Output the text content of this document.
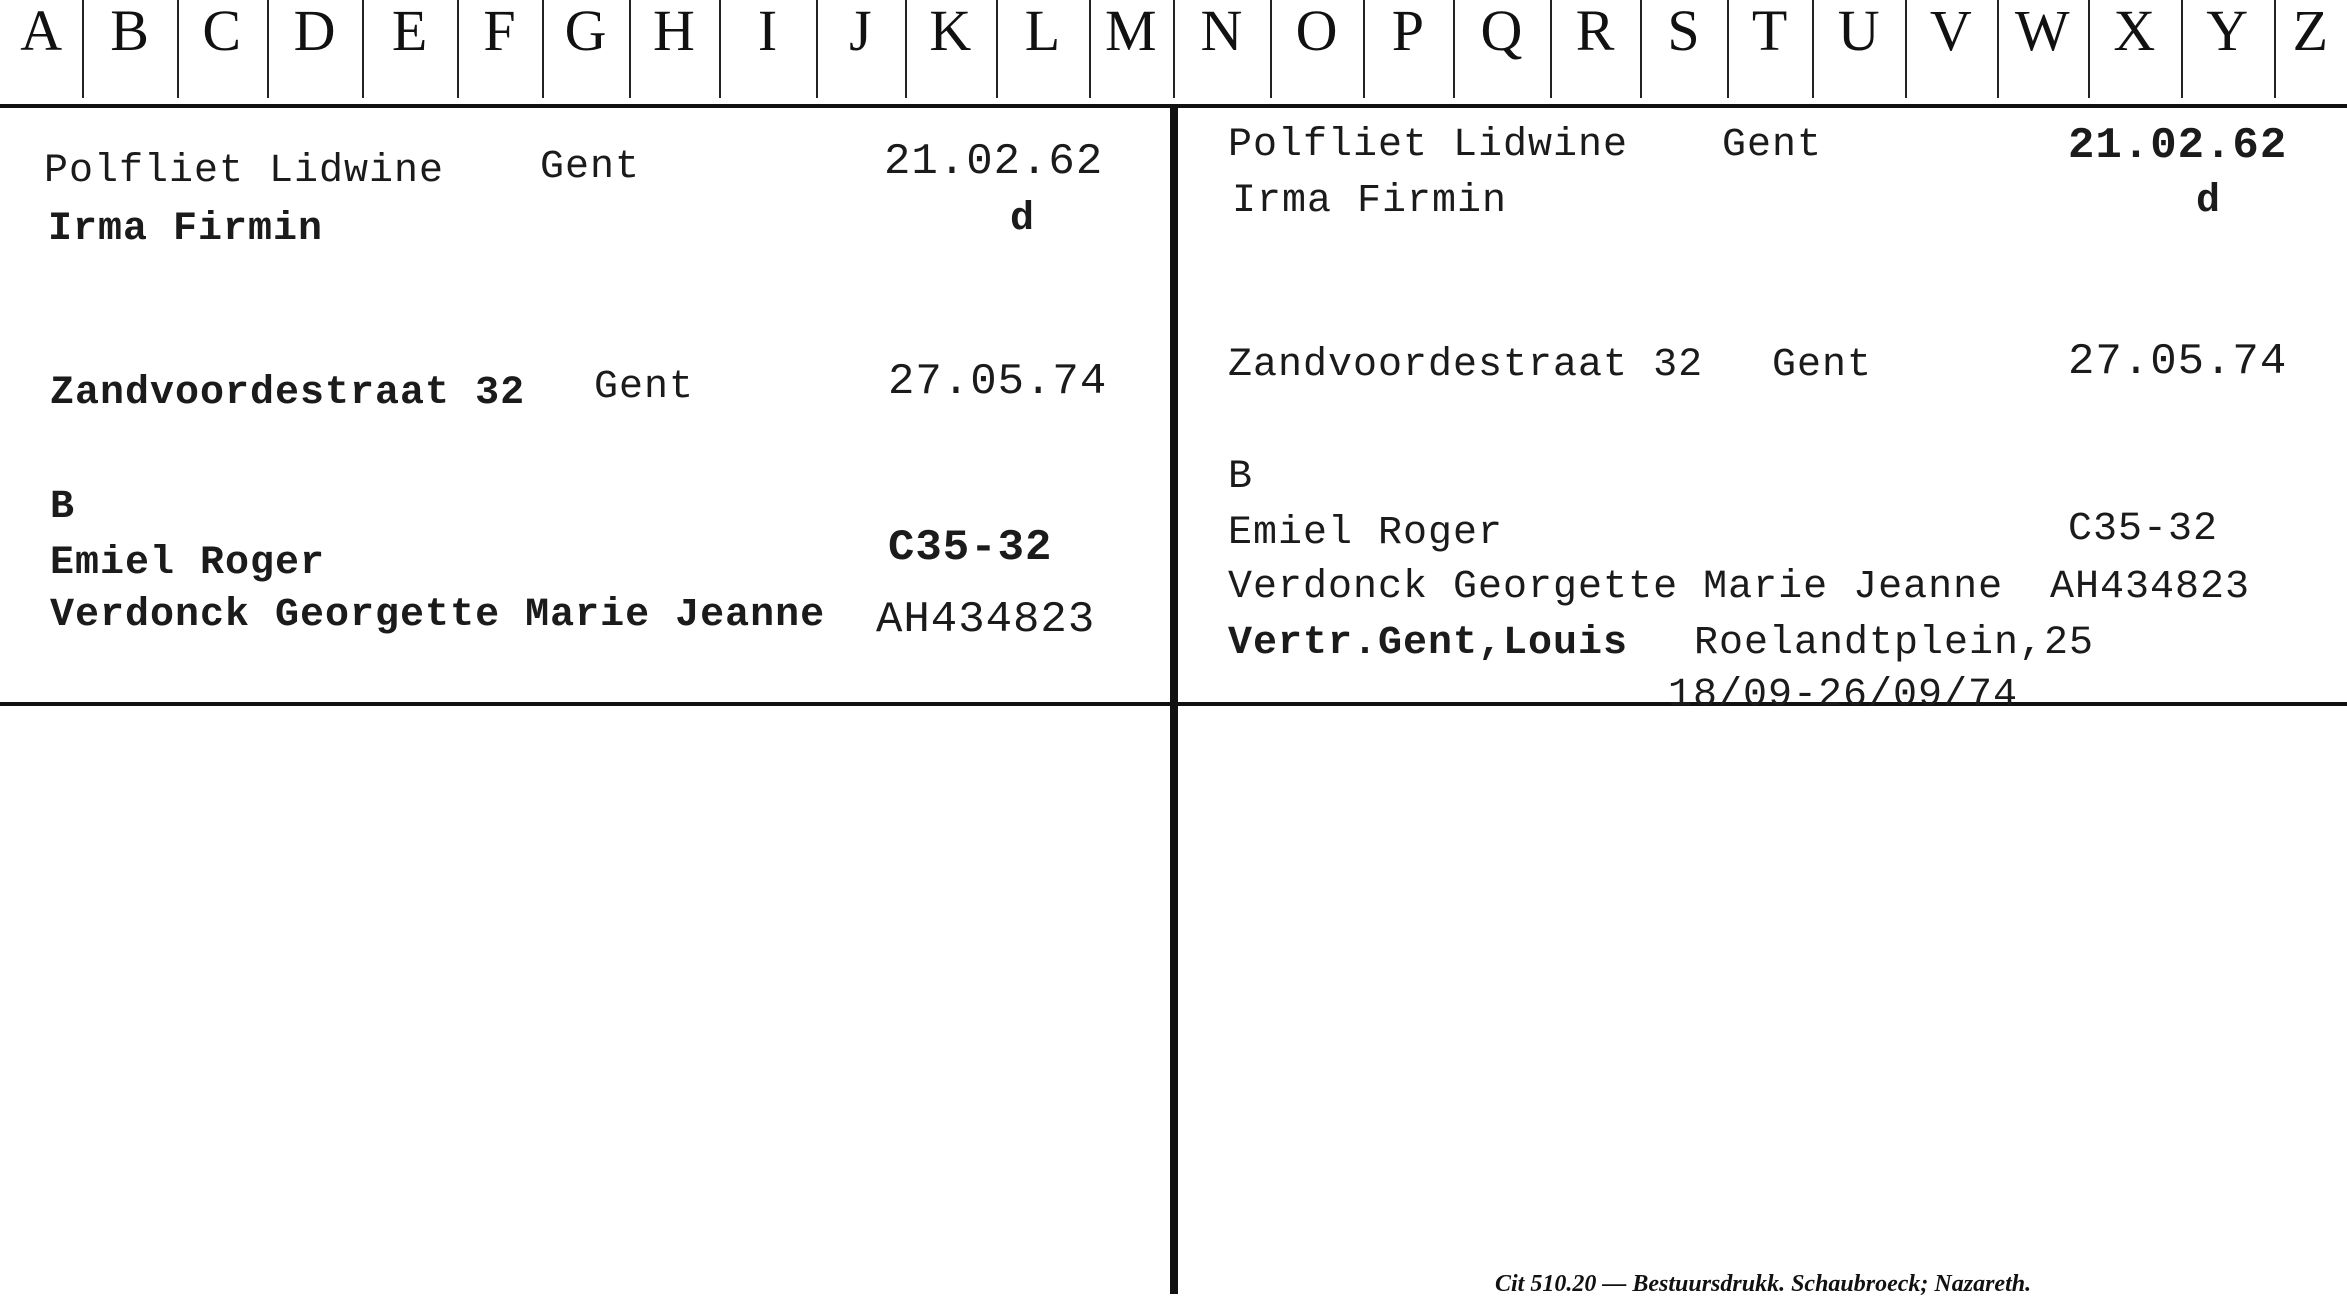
A B C D E F G H	I	J K L M N O P Q R S T U V W X Y Z
Polfliet Lidwine Gent	21.02.62
Irma Firmin	d
Zandvoordestraat 32 Gent	27.05.74
B
Emiel Roger	C35-32
Verdonck Georgette Marie Jeanne AH434823
Polfliet Lidwine Gent	21.02.62
Irma Firmin	d
Zandvoordestraat 32 Gent	27.05.74
B
Emiel Roger	C35-32
Verdonck Georgette Marie Jeanne AH434823
Vertr.Gent,Louis Roelandtplein,25
18/09-26/09/74
Cit 510.20 — Bestuursdrukk. Schaubroeck; Nazareth.
